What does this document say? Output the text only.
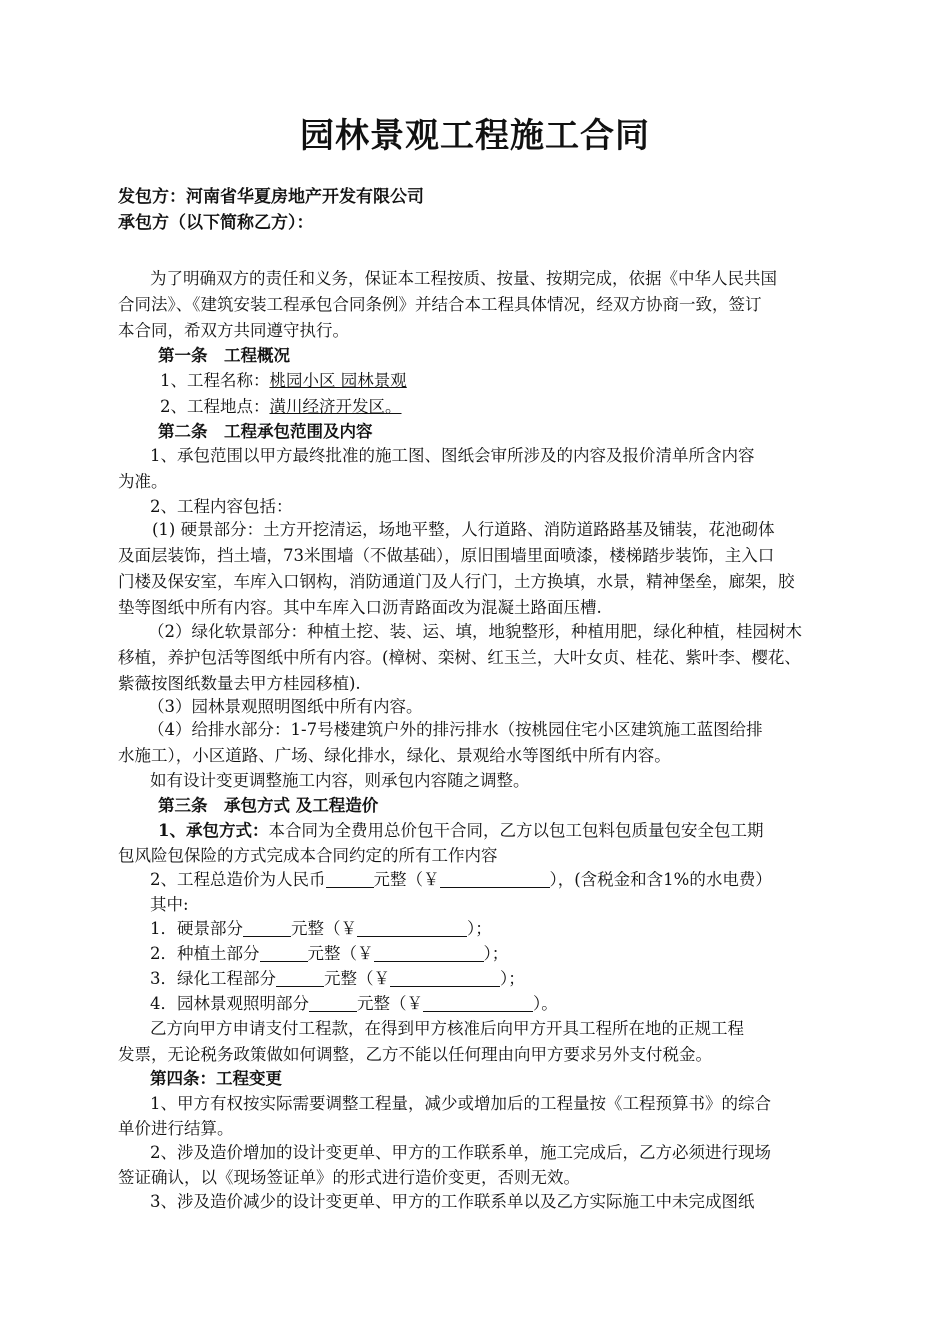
园林景观工程施工合同
发包方：河南省华夏房地产开发有限公司
承包方（以下简称乙方）：
为了明确双方的责任和义务，保证本工程按质、按量、按期完成，依据《中华人民共国
合同法》、《建筑安装工程承包合同条例》并结合本工程具体情况，经双方协商一致，签订
本合同，希双方共同遵守执行。
第一条　工程概况
1、工程名称：桃园小区 园林景观
2、工程地点：潢川经济开发区。
第二条　工程承包范围及内容
1、承包范围以甲方最终批准的施工图、图纸会审所涉及的内容及报价清单所含内容
为准。
2、工程内容包括：
(1) 硬景部分：土方开挖清运，场地平整，人行道路、消防道路路基及铺装，花池砌体
及面层装饰，挡土墙，73米围墙（不做基础），原旧围墙里面喷漆，楼梯踏步装饰，主入口
门楼及保安室，车库入口钢构，消防通道门及人行门，土方换填，水景，精神堡垒，廊架，胶
垫等图纸中所有内容。其中车库入口沥青路面改为混凝土路面压槽.
（2）绿化软景部分：种植土挖、装、运、填，地貌整形，种植用肥，绿化种植，桂园树木
移植，养护包活等图纸中所有内容。(樟树、栾树、红玉兰，大叶女贞、桂花、紫叶李、樱花、
紫薇按图纸数量去甲方桂园移植).
（3）园林景观照明图纸中所有内容。
（4）给排水部分：1-7号楼建筑户外的排污排水（按桃园住宅小区建筑施工蓝图给排
水施工），小区道路、广场、绿化排水，绿化、景观给水等图纸中所有内容。
如有设计变更调整施工内容，则承包内容随之调整。
第三条　承包方式 及工程造价
1、承包方式：本合同为全费用总价包干合同，乙方以包工包料包质量包安全包工期
包风险包保险的方式完成本合同约定的所有工作内容
2、工程总造价为人民币	元整（￥	），(含税金和含1%的水电费）
其中:
1．硬景部分	元整（￥	）；
2．种植土部分	元整（￥	）；
3．绿化工程部分	元整（￥	）；
4．园林景观照明部分	元整（￥	）。
乙方向甲方申请支付工程款，在得到甲方核准后向甲方开具工程所在地的正规工程
发票，无论税务政策做如何调整，乙方不能以任何理由向甲方要求另外支付税金。
第四条：工程变更
1、甲方有权按实际需要调整工程量，减少或增加后的工程量按《工程预算书》的综合
单价进行结算。
2、涉及造价增加的设计变更单、甲方的工作联系单，施工完成后，乙方必须进行现场
签证确认，以《现场签证单》的形式进行造价变更，否则无效。
3、涉及造价减少的设计变更单、甲方的工作联系单以及乙方实际施工中未完成图纸
